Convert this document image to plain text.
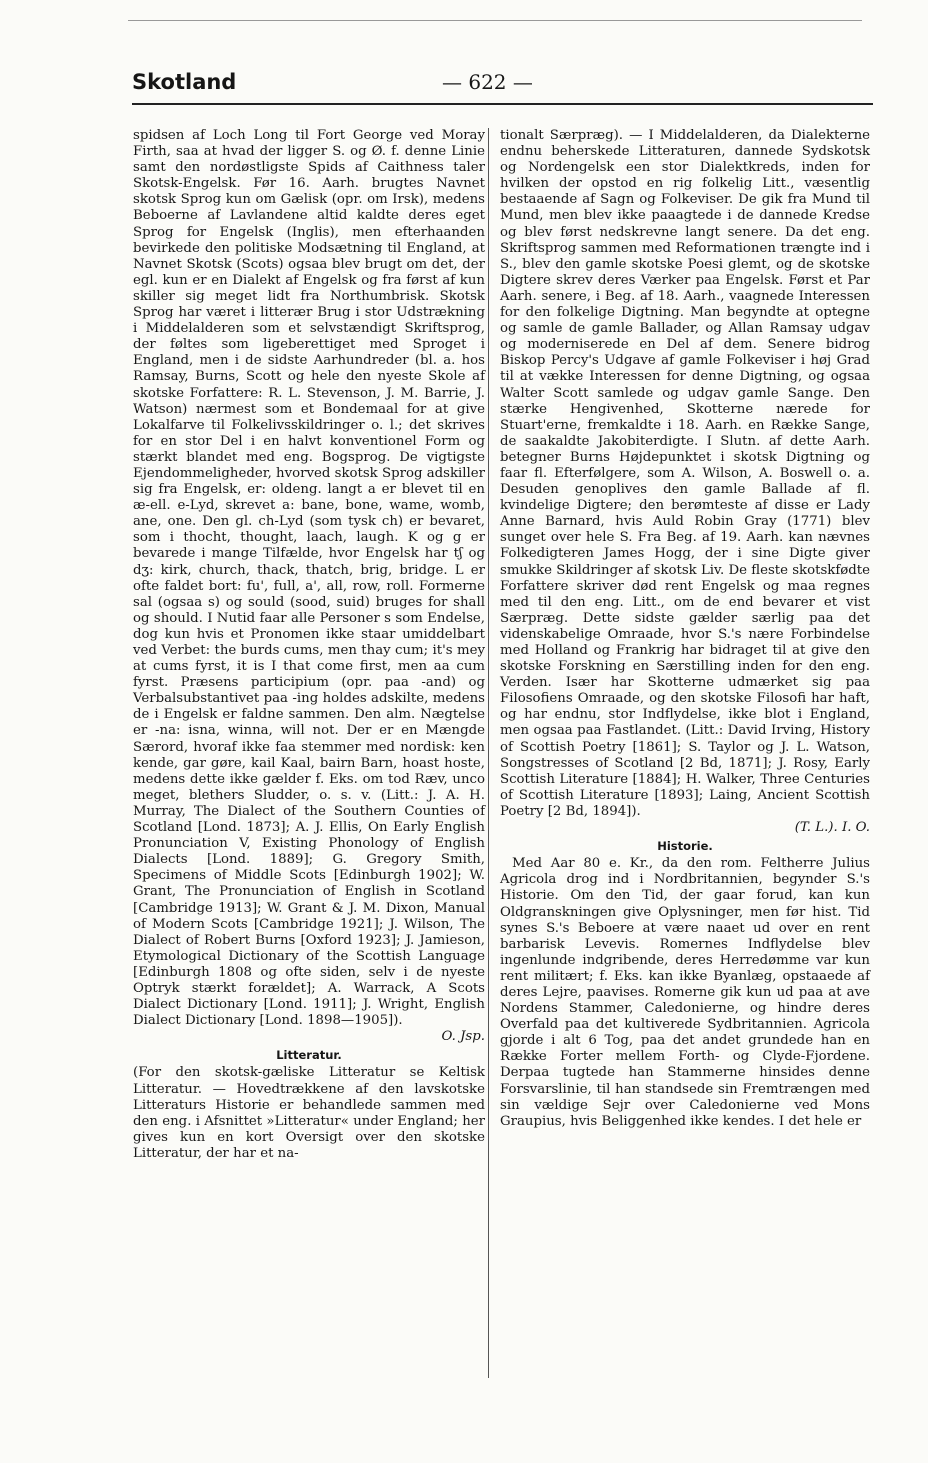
Skotland	— 622 —

spidsen af Loch Long til Fort George ved Moray Firth, saa at hvad der ligger S. og Ø. f. denne Linie samt den nordøstligste Spids af Caithness taler Skotsk-Engelsk. Før 16. Aarh. brugtes Navnet skotsk Sprog kun om Gælisk (opr. om Irsk), medens Beboerne af Lavlandene altid kaldte deres eget Sprog for Engelsk (Inglis), men efterhaanden bevirkede den politiske Modsætning til England, at Navnet Skotsk (Scots) ogsaa blev brugt om det, der egl. kun er en Dialekt af Engelsk og fra først af kun skiller sig meget lidt fra Northumbrisk. Skotsk Sprog har været i litterær Brug i stor Udstrækning i Middelalderen som et selvstændigt Skriftsprog, der føltes som ligeberettiget med Sproget i England, men i de sidste Aarhundreder (bl. a. hos Ramsay, Burns, Scott og hele den nyeste Skole af skotske Forfattere: R. L. Stevenson, J. M. Barrie, J. Watson) nærmest som et Bondemaal for at give Lokalfarve til Folkelivsskildringer o. l.; det skrives for en stor Del i en halvt konventionel Form og stærkt blandet med eng. Bogsprog. De vigtigste Ejendommeligheder, hvorved skotsk Sprog adskiller sig fra Engelsk, er: oldeng. langt a er blevet til en æ-ell. e-Lyd, skrevet a: bane, bone, wame, womb, ane, one. Den gl. ch-Lyd (som tysk ch) er bevaret, som i thocht, thought, laach, laugh. K og g er bevarede i mange Tilfælde, hvor Engelsk har tʃ og dʒ: kirk, church, thack, thatch, brig, bridge. L er ofte faldet bort: fu', full, a', all, row, roll. Formerne sal (ogsaa s) og sould (sood, suid) bruges for shall og should. I Nutid faar alle Personer s som Endelse, dog kun hvis et Pronomen ikke staar umiddelbart ved Verbet: the burds cums, men thay cum; it's mey at cums fyrst, it is I that come first, men aa cum fyrst. Præsens participium (opr. paa -and) og Verbalsubstantivet paa -ing holdes adskilte, medens de i Engelsk er faldne sammen. Den alm. Nægtelse er -na: isna, winna, will not. Der er en Mængde Særord, hvoraf ikke faa stemmer med nordisk: ken kende, gar gøre, kail Kaal, bairn Barn, hoast hoste, medens dette ikke gælder f. Eks. om tod Ræv, unco meget, blethers Sludder, o. s. v. (Litt.: J. A. H. Murray, The Dialect of the Southern Counties of Scotland [Lond. 1873]; A. J. Ellis, On Early English Pronunciation V, Existing Phonology of English Dialects [Lond. 1889]; G. Gregory Smith, Specimens of Middle Scots [Edinburgh 1902]; W. Grant, The Pronunciation of English in Scotland [Cambridge 1913]; W. Grant & J. M. Dixon, Manual of Modern Scots [Cambridge 1921]; J. Wilson, The Dialect of Robert Burns [Oxford 1923]; J. Jamieson, Etymological Dictionary of the Scottish Language [Edinburgh 1808 og ofte siden, selv i de nyeste Optryk stærkt forældet]; A. Warrack, A Scots Dialect Dictionary [Lond. 1911]; J. Wright, English Dialect Dictionary [Lond. 1898—1905]).

O. Jsp.

Litteratur.

(For den skotsk-gæliske Litteratur se Keltisk Litteratur. — Hovedtrækkene af den lavskotske Litteraturs Historie er behandlede sammen med den eng. i Afsnittet »Litteratur« under England; her gives kun en kort Oversigt over den skotske Litteratur, der har et na-

tionalt Særpræg). — I Middelalderen, da Dialekterne endnu beherskede Litteraturen, dannede Sydskotsk og Nordengelsk een stor Dialektkreds, inden for hvilken der opstod en rig folkelig Litt., væsentlig bestaaende af Sagn og Folkeviser. De gik fra Mund til Mund, men blev ikke paaagtede i de dannede Kredse og blev først nedskrevne langt senere. Da det eng. Skriftsprog sammen med Reformationen trængte ind i S., blev den gamle skotske Poesi glemt, og de skotske Digtere skrev deres Værker paa Engelsk. Først et Par Aarh. senere, i Beg. af 18. Aarh., vaagnede Interessen for den folkelige Digtning. Man begyndte at optegne og samle de gamle Ballader, og Allan Ramsay udgav og moderniserede en Del af dem. Senere bidrog Biskop Percy's Udgave af gamle Folkeviser i høj Grad til at vække Interessen for denne Digtning, og ogsaa Walter Scott samlede og udgav gamle Sange. Den stærke Hengivenhed, Skotterne nærede for Stuart'erne, fremkaldte i 18. Aarh. en Række Sange, de saakaldte Jakobiterdigte. I Slutn. af dette Aarh. betegner Burns Højdepunktet i skotsk Digtning og faar fl. Efterfølgere, som A. Wilson, A. Boswell o. a. Desuden genoplives den gamle Ballade af fl. kvindelige Digtere; den berømteste af disse er Lady Anne Barnard, hvis Auld Robin Gray (1771) blev sunget over hele S. Fra Beg. af 19. Aarh. kan nævnes Folkedigteren James Hogg, der i sine Digte giver smukke Skildringer af skotsk Liv. De fleste skotskfødte Forfattere skriver død rent Engelsk og maa regnes med til den eng. Litt., om de end bevarer et vist Særpræg. Dette sidste gælder særlig paa det videnskabelige Omraade, hvor S.'s nære Forbindelse med Holland og Frankrig har bidraget til at give den skotske Forskning en Særstilling inden for den eng. Verden. Især har Skotterne udmærket sig paa Filosofiens Omraade, og den skotske Filosofi har haft, og har endnu, stor Indflydelse, ikke blot i England, men ogsaa paa Fastlandet. (Litt.: David Irving, History of Scottish Poetry [1861]; S. Taylor og J. L. Watson, Songstresses of Scotland [2 Bd, 1871]; J. Rosy, Early Scottish Literature [1884]; H. Walker, Three Centuries of Scottish Literature [1893]; Laing, Ancient Scottish Poetry [2 Bd, 1894]).

(T. L.). I. O.

Historie.

Med Aar 80 e. Kr., da den rom. Feltherre Julius Agricola drog ind i Nordbritannien, begynder S.'s Historie. Om den Tid, der gaar forud, kan kun Oldgranskningen give Oplysninger, men før hist. Tid synes S.'s Beboere at være naaet ud over en rent barbarisk Levevis. Romernes Indflydelse blev ingenlunde indgribende, deres Herredømme var kun rent militært; f. Eks. kan ikke Byanlæg, opstaaede af deres Lejre, paavises. Romerne gik kun ud paa at ave Nordens Stammer, Caledonierne, og hindre deres Overfald paa det kultiverede Sydbritannien. Agricola gjorde i alt 6 Tog, paa det andet grundede han en Række Forter mellem Forth- og Clyde-Fjordene. Derpaa tugtede han Stammerne hinsides denne Forsvarslinie, til han standsede sin Fremtrængen med sin vældige Sejr over Caledonierne ved Mons Graupius, hvis Beliggenhed ikke kendes. I det hele er
